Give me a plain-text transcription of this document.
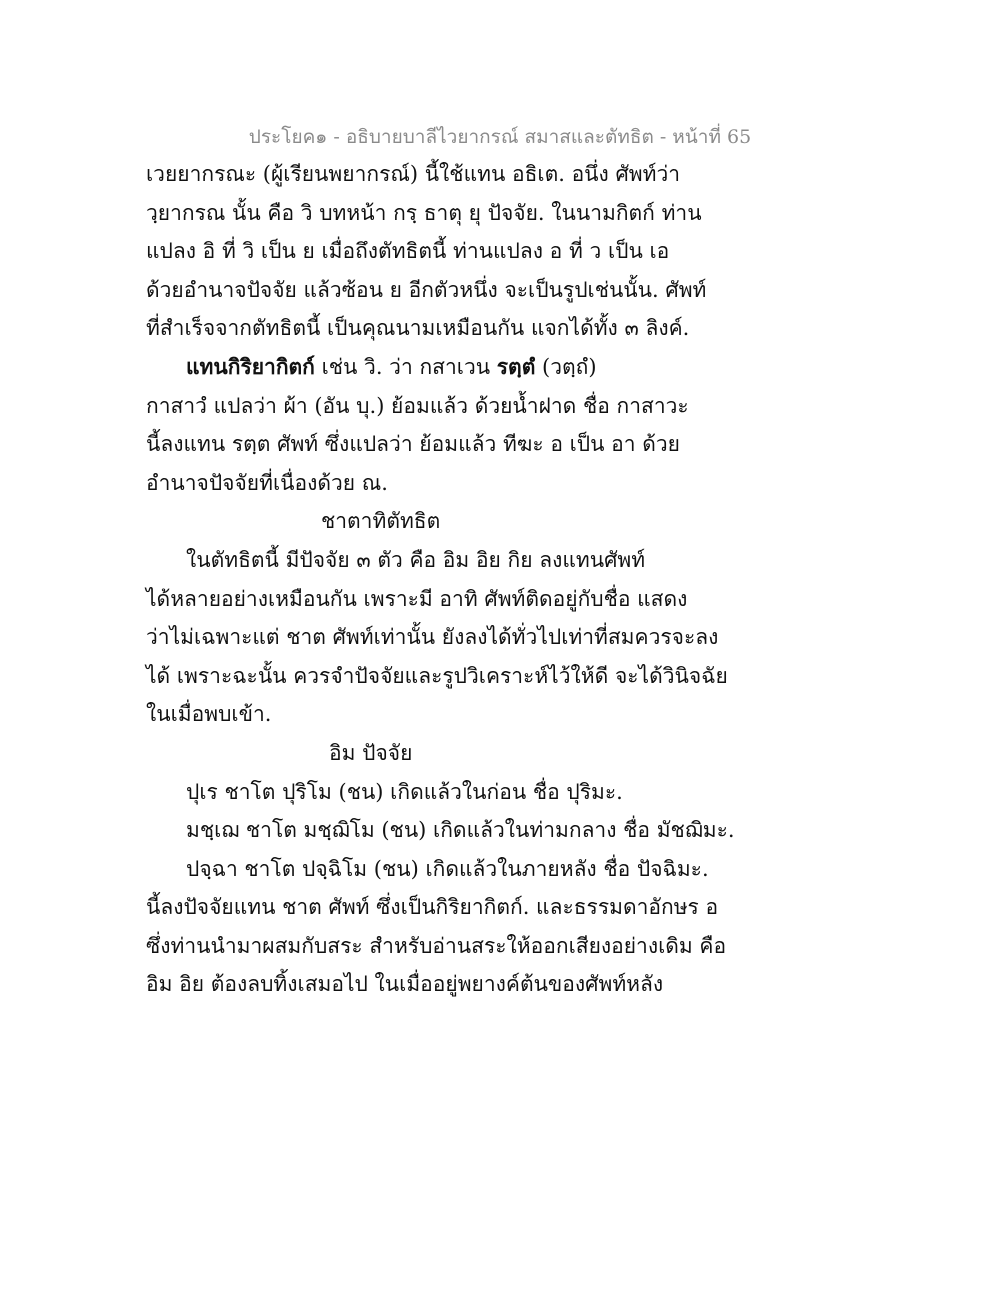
ประโยค๑ - อธิบายบาลีไวยากรณ์ สมาสและตัทธิต - หน้าที่ 65
เวยยากรณะ (ผู้เรียนพยากรณ์) นี้ใช้แทน อธิเต. อนึ่ง ศัพท์ว่า
วฺยากรณ นั้น คือ วิ บทหน้า กรฺ ธาตุ ยุ ปัจจัย. ในนามกิตก์ ท่าน
แปลง อิ ที่ วิ เป็น ย เมื่อถึงตัทธิตนี้ ท่านแปลง อ ที่ ว เป็น เอ
ด้วยอำนาจปัจจัย แล้วซ้อน ย อีกตัวหนึ่ง จะเป็นรูปเช่นนั้น. ศัพท์
ที่สำเร็จจากตัทธิตนี้ เป็นคุณนามเหมือนกัน แจกได้ทั้ง ๓ ลิงค์.
แทนกิริยากิตก์ เช่น วิ. ว่า กสาเวน รตฺตํ (วตฺถํ)
กาสาวํ แปลว่า ผ้า (อัน บุ.) ย้อมแล้ว ด้วยน้ำฝาด ชื่อ กาสาวะ
นี้ลงแทน รตฺต ศัพท์ ซึ่งแปลว่า ย้อมแล้ว ทีฆะ อ เป็น อา ด้วย
อำนาจปัจจัยที่เนื่องด้วย ณ.
ชาตาทิตัทธิต
ในตัทธิตนี้ มีปัจจัย ๓ ตัว คือ อิม อิย กิย ลงแทนศัพท์
ได้หลายอย่างเหมือนกัน เพราะมี อาทิ ศัพท์ติดอยู่กับชื่อ แสดง
ว่าไม่เฉพาะแต่ ชาต ศัพท์เท่านั้น ยังลงได้ทั่วไปเท่าที่สมควรจะลง
ได้ เพราะฉะนั้น ควรจำปัจจัยและรูปวิเคราะห์ไว้ให้ดี จะได้วินิจฉัย
ในเมื่อพบเข้า.
อิม ปัจจัย
ปุเร ชาโต ปุริโม (ชน) เกิดแล้วในก่อน ชื่อ ปุริมะ.
มชฺเฌ ชาโต มชฺฌิโม (ชน) เกิดแล้วในท่ามกลาง ชื่อ มัชฌิมะ.
ปจฺฉา ชาโต ปจฺฉิโม (ชน) เกิดแล้วในภายหลัง ชื่อ ปัจฉิมะ.
นี้ลงปัจจัยแทน ชาต ศัพท์ ซึ่งเป็นกิริยากิตก์. และธรรมดาอักษร อ
ซึ่งท่านนำมาผสมกับสระ สำหรับอ่านสระให้ออกเสียงอย่างเดิม คือ
อิม อิย ต้องลบทิ้งเสมอไป ในเมื่ออยู่พยางค์ต้นของศัพท์หลัง
